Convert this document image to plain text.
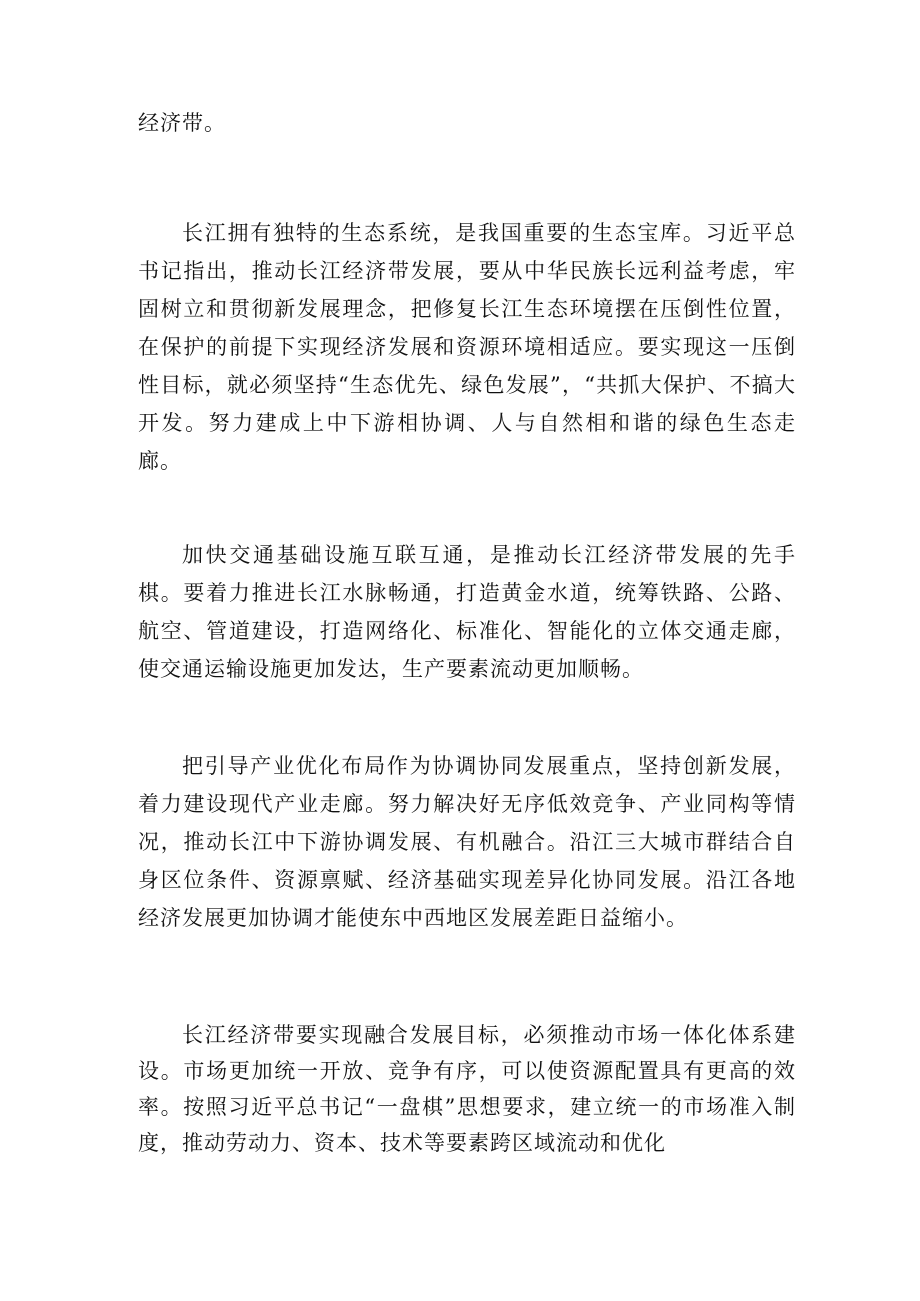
经济带。

长江拥有独特的生态系统，是我国重要的生态宝库。习近平总书记指出，推动长江经济带发展，要从中华民族长远利益考虑，牢固树立和贯彻新发展理念，把修复长江生态环境摆在压倒性位置，在保护的前提下实现经济发展和资源环境相适应。要实现这一压倒性目标，就必须坚持“生态优先、绿色发展”，“共抓大保护、不搞大开发。努力建成上中下游相协调、人与自然相和谐的绿色生态走廊。

加快交通基础设施互联互通，是推动长江经济带发展的先手棋。要着力推进长江水脉畅通，打造黄金水道，统筹铁路、公路、航空、管道建设，打造网络化、标准化、智能化的立体交通走廊，使交通运输设施更加发达，生产要素流动更加顺畅。

把引导产业优化布局作为协调协同发展重点，坚持创新发展，着力建设现代产业走廊。努力解决好无序低效竞争、产业同构等情况，推动长江中下游协调发展、有机融合。沿江三大城市群结合自身区位条件、资源禀赋、经济基础实现差异化协同发展。沿江各地经济发展更加协调才能使东中西地区发展差距日益缩小。

长江经济带要实现融合发展目标，必须推动市场一体化体系建设。市场更加统一开放、竞争有序，可以使资源配置具有更高的效率。按照习近平总书记“一盘棋”思想要求，建立统一的市场准入制度，推动劳动力、资本、技术等要素跨区域流动和优化
